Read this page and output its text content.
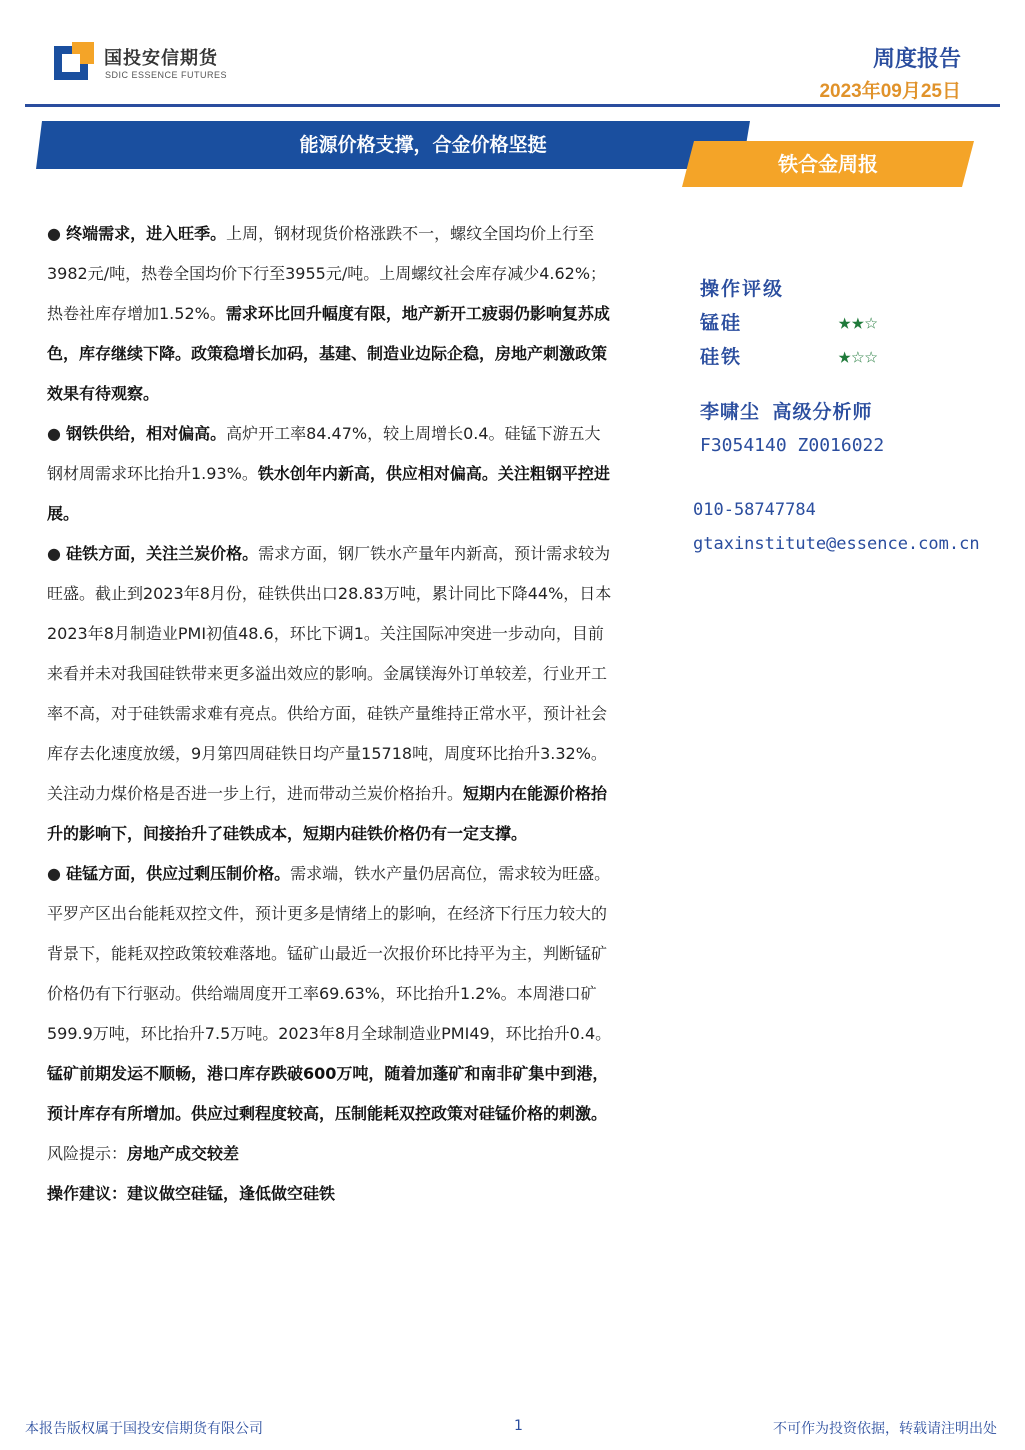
国投安信期货
SDIC ESSENCE FUTURES
周度报告
2023年09月25日
能源价格支撑，合金价格坚挺
铁合金周报

● 终端需求，进入旺季。上周，钢材现货价格涨跌不一，螺纹全国均价上行至3982元/吨，热卷全国均价下行至3955元/吨。上周螺纹社会库存减少4.62%；热卷社库存增加1.52%。需求环比回升幅度有限，地产新开工疲弱仍影响复苏成色，库存继续下降。政策稳增长加码，基建、制造业边际企稳，房地产刺激政策效果有待观察。

● 钢铁供给，相对偏高。高炉开工率84.47%，较上周增长0.4。硅锰下游五大钢材周需求环比抬升1.93%。铁水创年内新高，供应相对偏高。关注粗钢平控进展。

● 硅铁方面，关注兰炭价格。需求方面，钢厂铁水产量年内新高，预计需求较为旺盛。截止到2023年8月份，硅铁供出口28.83万吨，累计同比下降44%，日本2023年8月制造业PMI初值48.6，环比下调1。关注国际冲突进一步动向，目前来看并未对我国硅铁带来更多溢出效应的影响。金属镁海外订单较差，行业开工率不高，对于硅铁需求难有亮点。供给方面，硅铁产量维持正常水平，预计社会库存去化速度放缓，9月第四周硅铁日均产量15718吨，周度环比抬升3.32%。关注动力煤价格是否进一步上行，进而带动兰炭价格抬升。短期内在能源价格抬升的影响下，间接抬升了硅铁成本，短期内硅铁价格仍有一定支撑。

● 硅锰方面，供应过剩压制价格。需求端，铁水产量仍居高位，需求较为旺盛。平罗产区出台能耗双控文件，预计更多是情绪上的影响，在经济下行压力较大的背景下，能耗双控政策较难落地。锰矿山最近一次报价环比持平为主，判断锰矿价格仍有下行驱动。供给端周度开工率69.63%，环比抬升1.2%。本周港口矿599.9万吨，环比抬升7.5万吨。2023年8月全球制造业PMI49，环比抬升0.4。锰矿前期发运不顺畅，港口库存跌破600万吨，随着加蓬矿和南非矿集中到港，预计库存有所增加。供应过剩程度较高，压制能耗双控政策对硅锰价格的刺激。

风险提示：房地产成交较差

操作建议：建议做空硅锰，逢低做空硅铁

操作评级
锰硅	★★☆
硅铁	★☆☆
李啸尘 高级分析师
F3054140 Z0016022
010-58747784
gtaxinstitute@essence.com.cn
本报告版权属于国投安信期货有限公司	1	不可作为投资依据，转载请注明出处
